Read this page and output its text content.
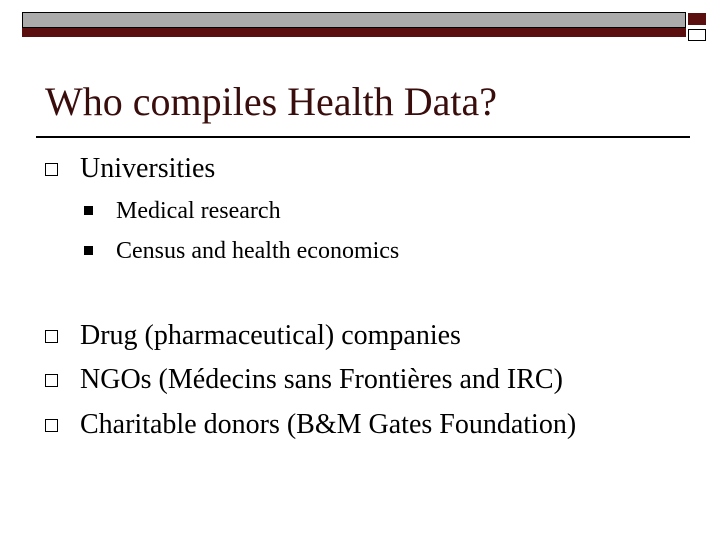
Who compiles Health Data?
Universities
Medical research
Census and health economics
Drug (pharmaceutical) companies
NGOs (Médecins sans Frontières and IRC)
Charitable donors (B&M Gates Foundation)
